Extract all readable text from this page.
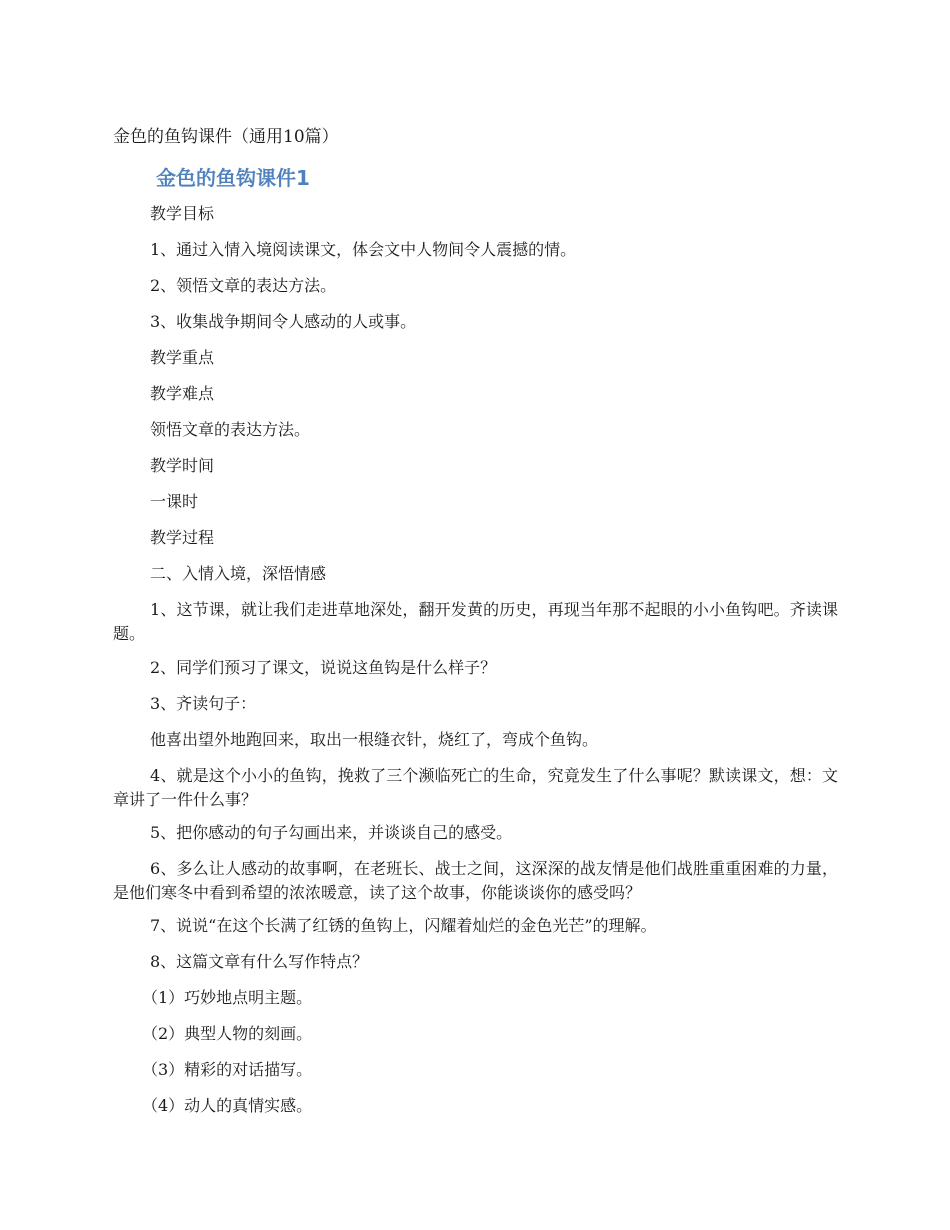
金色的鱼钩课件（通用10篇）
金色的鱼钩课件1
教学目标
1、通过入情入境阅读课文，体会文中人物间令人震撼的情。
2、领悟文章的表达方法。
3、收集战争期间令人感动的人或事。
教学重点
教学难点
领悟文章的表达方法。
教学时间
一课时
教学过程
二、入情入境，深悟情感
1、这节课，就让我们走进草地深处，翻开发黄的历史，再现当年那不起眼的小小鱼钩吧。齐读课题。
2、同学们预习了课文，说说这鱼钩是什么样子？
3、齐读句子：
他喜出望外地跑回来，取出一根缝衣针，烧红了，弯成个鱼钩。
4、就是这个小小的鱼钩，挽救了三个濒临死亡的生命，究竟发生了什么事呢？默读课文，想：文章讲了一件什么事？
5、把你感动的句子勾画出来，并谈谈自己的感受。
6、多么让人感动的故事啊，在老班长、战士之间，这深深的战友情是他们战胜重重困难的力量，是他们寒冬中看到希望的浓浓暖意，读了这个故事，你能谈谈你的感受吗？
7、说说“在这个长满了红锈的鱼钩上，闪耀着灿烂的金色光芒”的理解。
8、这篇文章有什么写作特点？
（1）巧妙地点明主题。
（2）典型人物的刻画。
（3）精彩的对话描写。
（4）动人的真情实感。
